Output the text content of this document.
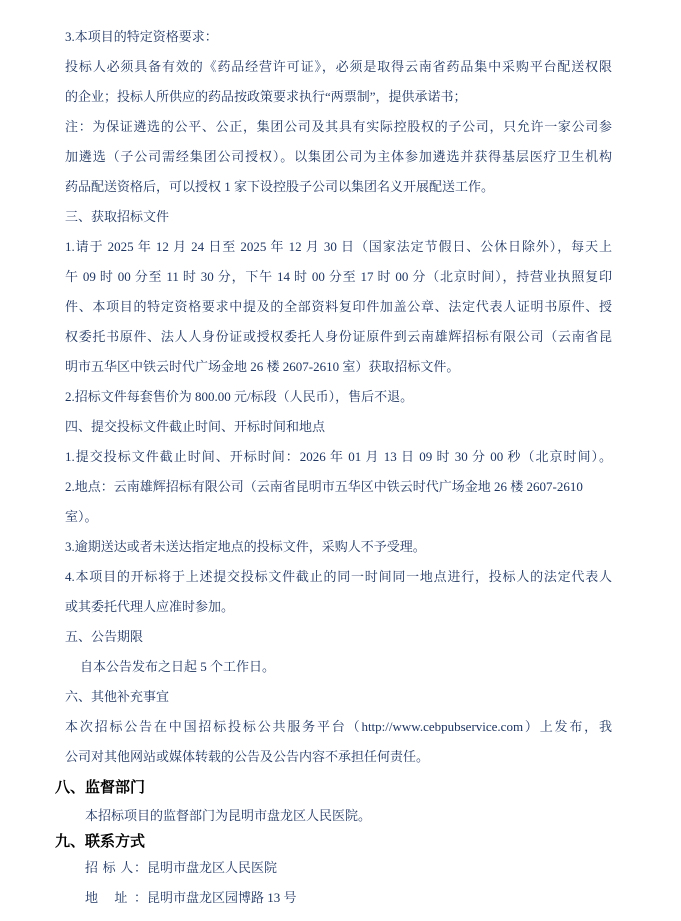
3.本项目的特定资格要求：
投标人必须具备有效的《药品经营许可证》，必须是取得云南省药品集中采购平台配送权限
的企业；投标人所供应的药品按政策要求执行“两票制”，提供承诺书；
注：为保证遴选的公平、公正，集团公司及其具有实际控股权的子公司，只允许一家公司参
加遴选（子公司需经集团公司授权）。以集团公司为主体参加遴选并获得基层医疗卫生机构
药品配送资格后，可以授权 1 家下设控股子公司以集团名义开展配送工作。
三、获取招标文件
1.请于 2025 年 12 月 24 日至 2025 年 12 月 30 日（国家法定节假日、公休日除外），每天上
午 09 时 00 分至 11 时 30 分，下午 14 时 00 分至 17 时 00 分（北京时间），持营业执照复印
件、本项目的特定资格要求中提及的全部资料复印件加盖公章、法定代表人证明书原件、授
权委托书原件、法人人身份证或授权委托人身份证原件到云南雄辉招标有限公司（云南省昆
明市五华区中铁云时代广场金地 26 楼 2607-2610 室）获取招标文件。
2.招标文件每套售价为 800.00 元/标段（人民币），售后不退。
四、提交投标文件截止时间、开标时间和地点
1.提交投标文件截止时间、开标时间：2026 年 01 月 13 日 09 时 30 分 00 秒（北京时间）。
2.地点：云南雄辉招标有限公司（云南省昆明市五华区中铁云时代广场金地 26 楼 2607-2610
室）。
3.逾期送达或者未送达指定地点的投标文件，采购人不予受理。
4.本项目的开标将于上述提交投标文件截止的同一时间同一地点进行，投标人的法定代表人
或其委托代理人应准时参加。
五、公告期限
自本公告发布之日起 5 个工作日。
六、其他补充事宜
本次招标公告在中国招标投标公共服务平台（http://www.cebpubservice.com）上发布，我
公司对其他网站或媒体转载的公告及公告内容不承担任何责任。
八、监督部门
本招标项目的监督部门为昆明市盘龙区人民医院。
九、联系方式
招 标 人：昆明市盘龙区人民医院
地 址：昆明市盘龙区园博路 13 号
